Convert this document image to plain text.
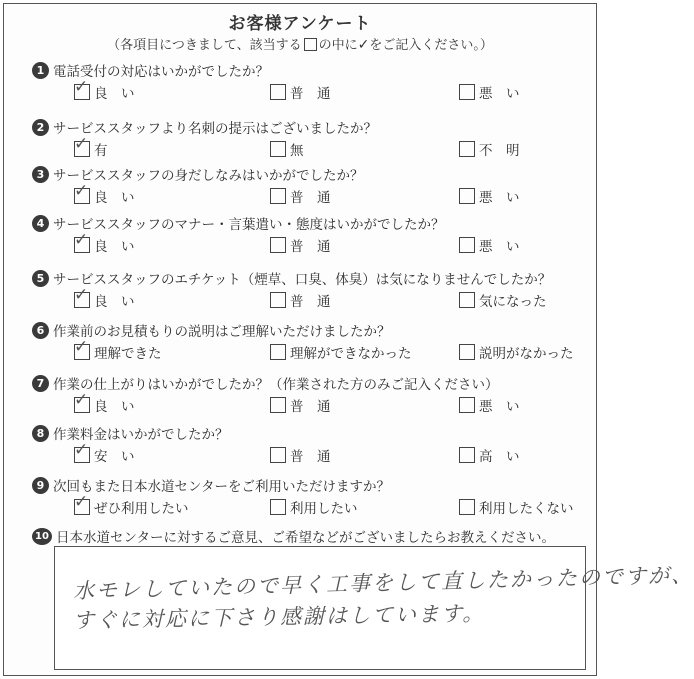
お客様アンケート
（各項目につきまして、該当する の中に✓をご記入ください。）
1 電話受付の対応はいかがでしたか？
✓ 良　い	普　通	悪　い
2 サービススタッフより名刺の提示はございましたか？
✓ 有	無	不　明
3 サービススタッフの身だしなみはいかがでしたか？
✓ 良　い	普　通	悪　い
4 サービススタッフのマナー・言葉遣い・態度はいかがでしたか？
✓ 良　い	普　通	悪　い
5 サービススタッフのエチケット（煙草、口臭、体臭）は気になりませんでしたか？
✓ 良　い	普　通	気になった
6 作業前のお見積もりの説明はご理解いただけましたか？
✓ 理解できた	理解ができなかった	説明がなかった
7 作業の仕上がりはいかがでしたか？（作業された方のみご記入ください）
✓ 良　い	普　通	悪　い
8 作業料金はいかがでしたか？
✓ 安　い	普　通	高　い
9 次回もまた日本水道センターをご利用いただけますか？
✓ ぜひ利用したい	利用したい	利用したくない
10 日本水道センターに対するご意見、ご希望などがございましたらお教えください。
水モレしていたので早く工事をして直したかったのですが、
すぐに対応に下さり感謝はしています。
